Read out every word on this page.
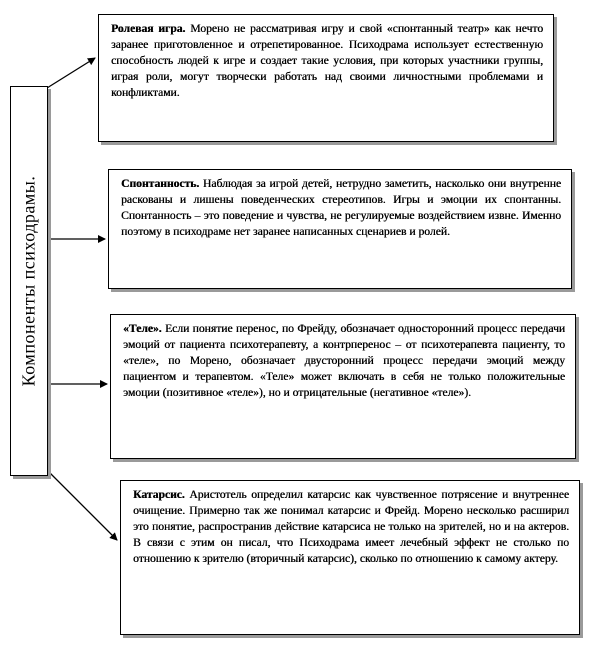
Компоненты психодрамы.
Ролевая игра. Морено не рассматривая игру и свой «спонтанный театр» как нечто заранее приготовленное и отрепетированное. Психодрама использует естественную способность людей к игре и создает такие условия, при которых участники группы, играя роли, могут творчески работать над своими личностными проблемами и конфликтами.
Спонтанность. Наблюдая за игрой детей, нетрудно заметить, насколько они внутренне раскованы и лишены поведенческих стереотипов. Игры и эмоции их спонтанны. Спонтанность – это поведение и чувства, не регулируемые воздействием извне. Именно поэтому в психодраме нет заранее написанных сценариев и ролей.
«Теле». Если понятие перенос, по Фрейду, обозначает односторонний процесс передачи эмоций от пациента психотерапевту, а контрперенос – от психотерапевта пациенту, то «теле», по Морено, обозначает двусторонний процесс передачи эмоций между пациентом и терапевтом. «Теле» может включать в себя не только положительные эмоции (позитивное «теле»), но и отрицательные (негативное «теле»).
Катарсис. Аристотель определил катарсис как чувственное потрясение и внутреннее очищение. Примерно так же понимал катарсис и Фрейд. Морено несколько расширил это понятие, распространив действие катарсиса не только на зрителей, но и на актеров. В связи с этим он писал, что Психодрама имеет лечебный эффект не столько по отношению к зрителю (вторичный катарсис), сколько по отношению к самому актеру.
